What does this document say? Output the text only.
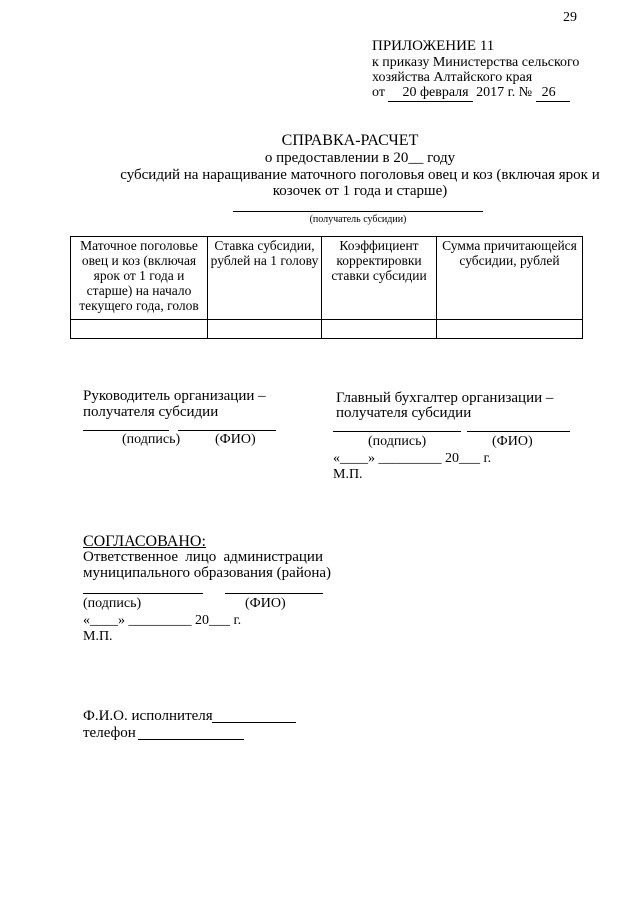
29
ПРИЛОЖЕНИЕ 11
к приказу Министерства сельского
хозяйства Алтайского края
от 20 февраля 2017 г. № 26
СПРАВКА-РАСЧЕТ
о предоставлении в 20__ году
субсидий на наращивание маточного поголовья овец и коз (включая ярок и
козочек от 1 года и старше)
(получатель субсидии)
Маточное поголовье овец и коз (включая ярок от 1 года и старше) на начало текущего года, голов	Ставка субсидии, рублей на 1 голову	Коэффициент корректировки ставки субсидии	Сумма причитающейся субсидии, рублей

Руководитель организации –
получателя субсидии
(подпись) (ФИО)
Главный бухгалтер организации –
получателя субсидии
(подпись)	(ФИО)
«____» _________ 20___ г.
М.П.
СОГЛАСОВАНО:
Ответственное лицо администрации
муниципального образования (района)
(подпись)	(ФИО)
«____» _________ 20___ г.
М.П.
Ф.И.О. исполнителя
телефон
